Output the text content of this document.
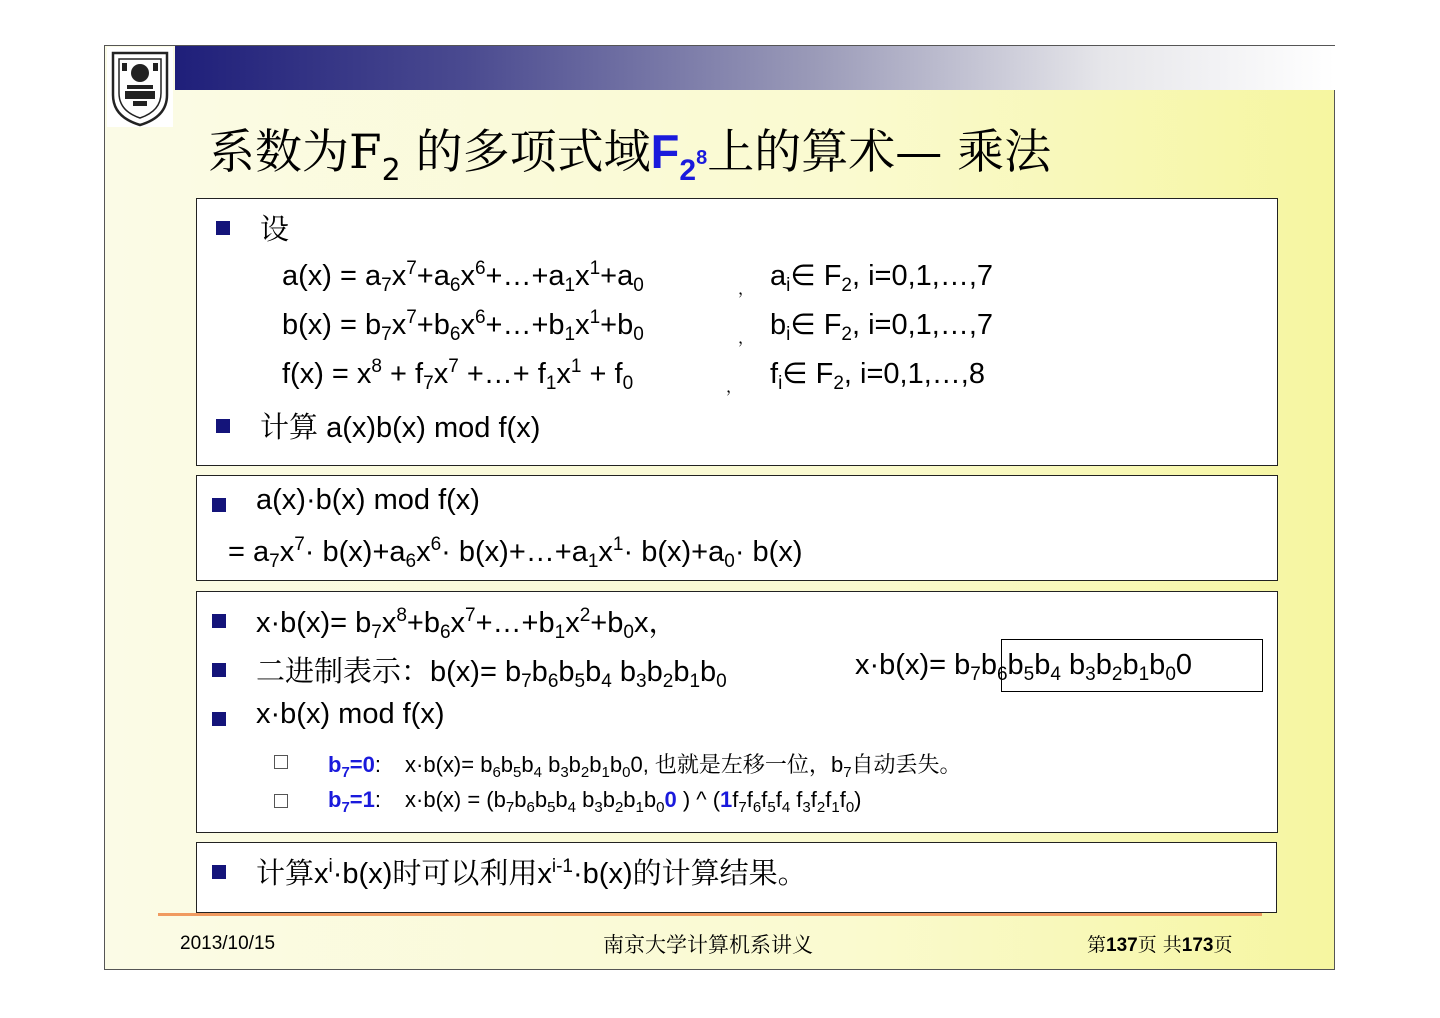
系数为$F_2$ 的多项式域$F_2^8$上的算术— 乘法
设
$a(x) = a_7x^7+a_6x^6+\dots+a_1x^1+a_0$	， $a_i\in$ $F_2$, i=0,1,…,7
$b(x) = b_7x^7+b_6x^6+\dots+b_1x^1+b_0$	， $b_i\in$ $F_2$, i=0,1,…,7
$f(x) = x^8 + f_7x^7$ +…+ $f_1x^1 + f_0$	， $f_i\in$ $F_2$, i=0,1,…,8
计算 a(x)b(x) mod f(x)
a(x)·b(x) mod f(x)
= $a_7x^7\cdot b(x)+a_6x^6\cdot$ $b(x)+\dots+a_1x^1\cdot b(x)+a_0\cdot b(x)$
$x\cdot b(x)= b_7x^8+b_6x^7+\dots+b_1x^2+b_0x$，
二进制表示：$b(x)= b_7b_6b_5b_4$ $b_3b_2b_1b_0$
$x\cdot b(x)= b_7b_6b_5b_4$ $b_3b_2b_1b_00$
x·b(x) mod f(x)
$b_7=0$: $x\cdot b(x)= b_6b_5b_4$ $b_3b_2b_1b_00$, 也就是左移一位，$b_7$自动丢失。
$b_7=1$: $x\cdot b(x) = (b_7b_6b_5b_4$ $b_3b_2b_1b_00$ ) ^ ($1f_7f_6f_5f_4$ $f_3f_2f_1f_0$)
计算$x^i\cdot b(x)$时可以利用$x^{i-1}\cdot b(x)$的计算结果。
2013/10/15	南京大学计算机系讲义	第137页 共173页
